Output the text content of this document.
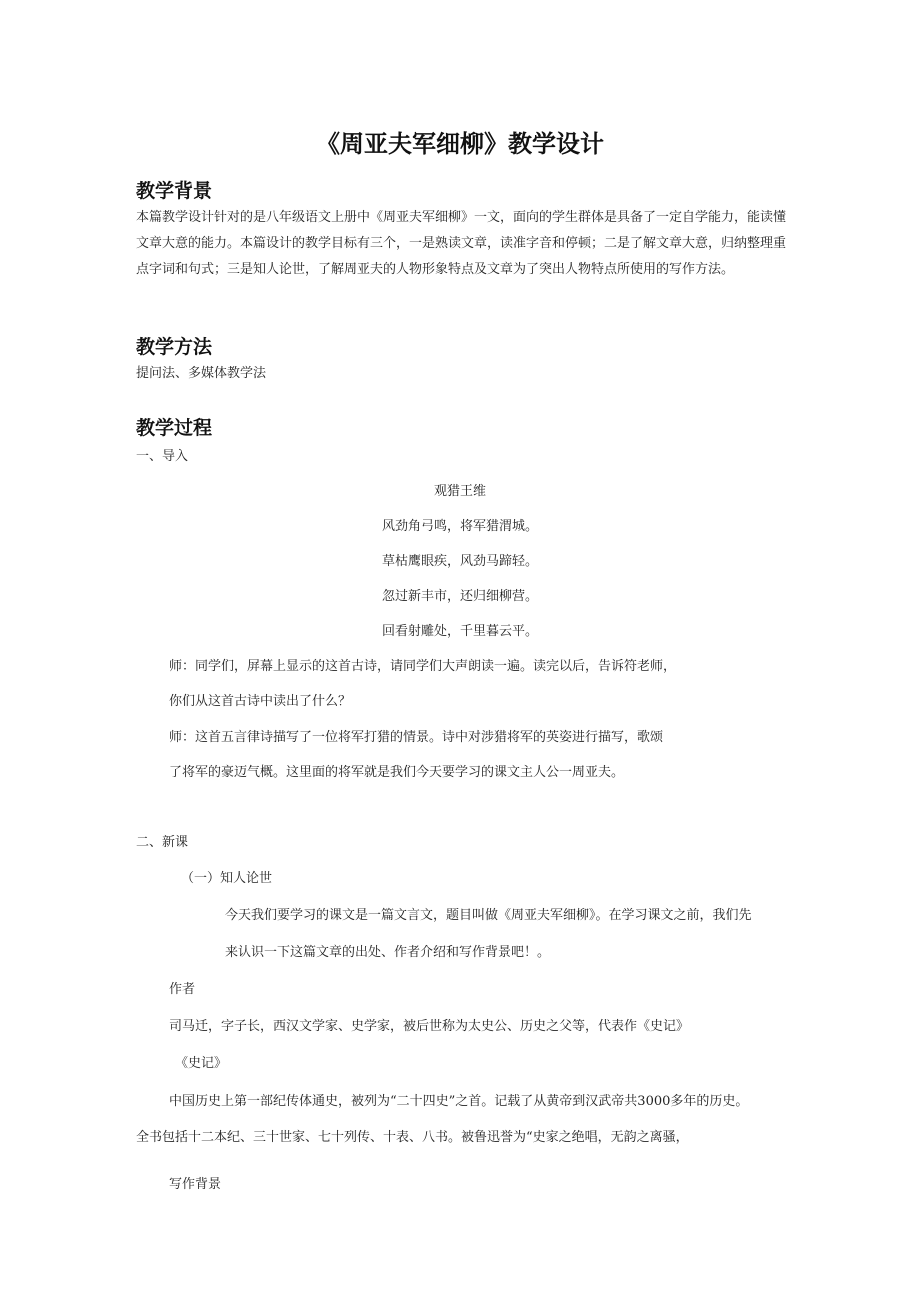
《周亚夫军细柳》教学设计
教学背景

本篇教学设计针对的是八年级语文上册中《周亚夫军细柳》一文，面向的学生群体是具备了一定自学能力，能读懂文章大意的能力。本篇设计的教学目标有三个，一是熟读文章，读准字音和停顿；二是了解文章大意，归纳整理重点字词和句式；三是知人论世，了解周亚夫的人物形象特点及文章为了突出人物特点所使用的写作方法。

教学方法

提问法、多媒体教学法

教学过程

一、导入

观猎王维

风劲角弓鸣，将军猎渭城。

草枯鹰眼疾，风劲马蹄轻。

忽过新丰市，还归细柳营。

回看射雕处，千里暮云平。

师：同学们，屏幕上显示的这首古诗，请同学们大声朗读一遍。读完以后，告诉符老师，

你们从这首古诗中读出了什么？

师：这首五言律诗描写了一位将军打猎的情景。诗中对涉猎将军的英姿进行描写，歌颂

了将军的豪迈气概。这里面的将军就是我们今天要学习的课文主人公一周亚夫。

二、新课

（一）知人论世

今天我们要学习的课文是一篇文言文，题目叫做《周亚夫军细柳》。在学习课文之前，我们先

来认识一下这篇文章的出处、作者介绍和写作背景吧！。

作者

司马迁，字子长，西汉文学家、史学家，被后世称为太史公、历史之父等，代表作《史记》

《史记》

中国历史上第一部纪传体通史，被列为“二十四史”之首。记载了从黄帝到汉武帝共3000多年的历史。

全书包括十二本纪、三十世家、七十列传、十表、八书。被鲁迅誉为“史家之绝唱，无韵之离骚，

写作背景
